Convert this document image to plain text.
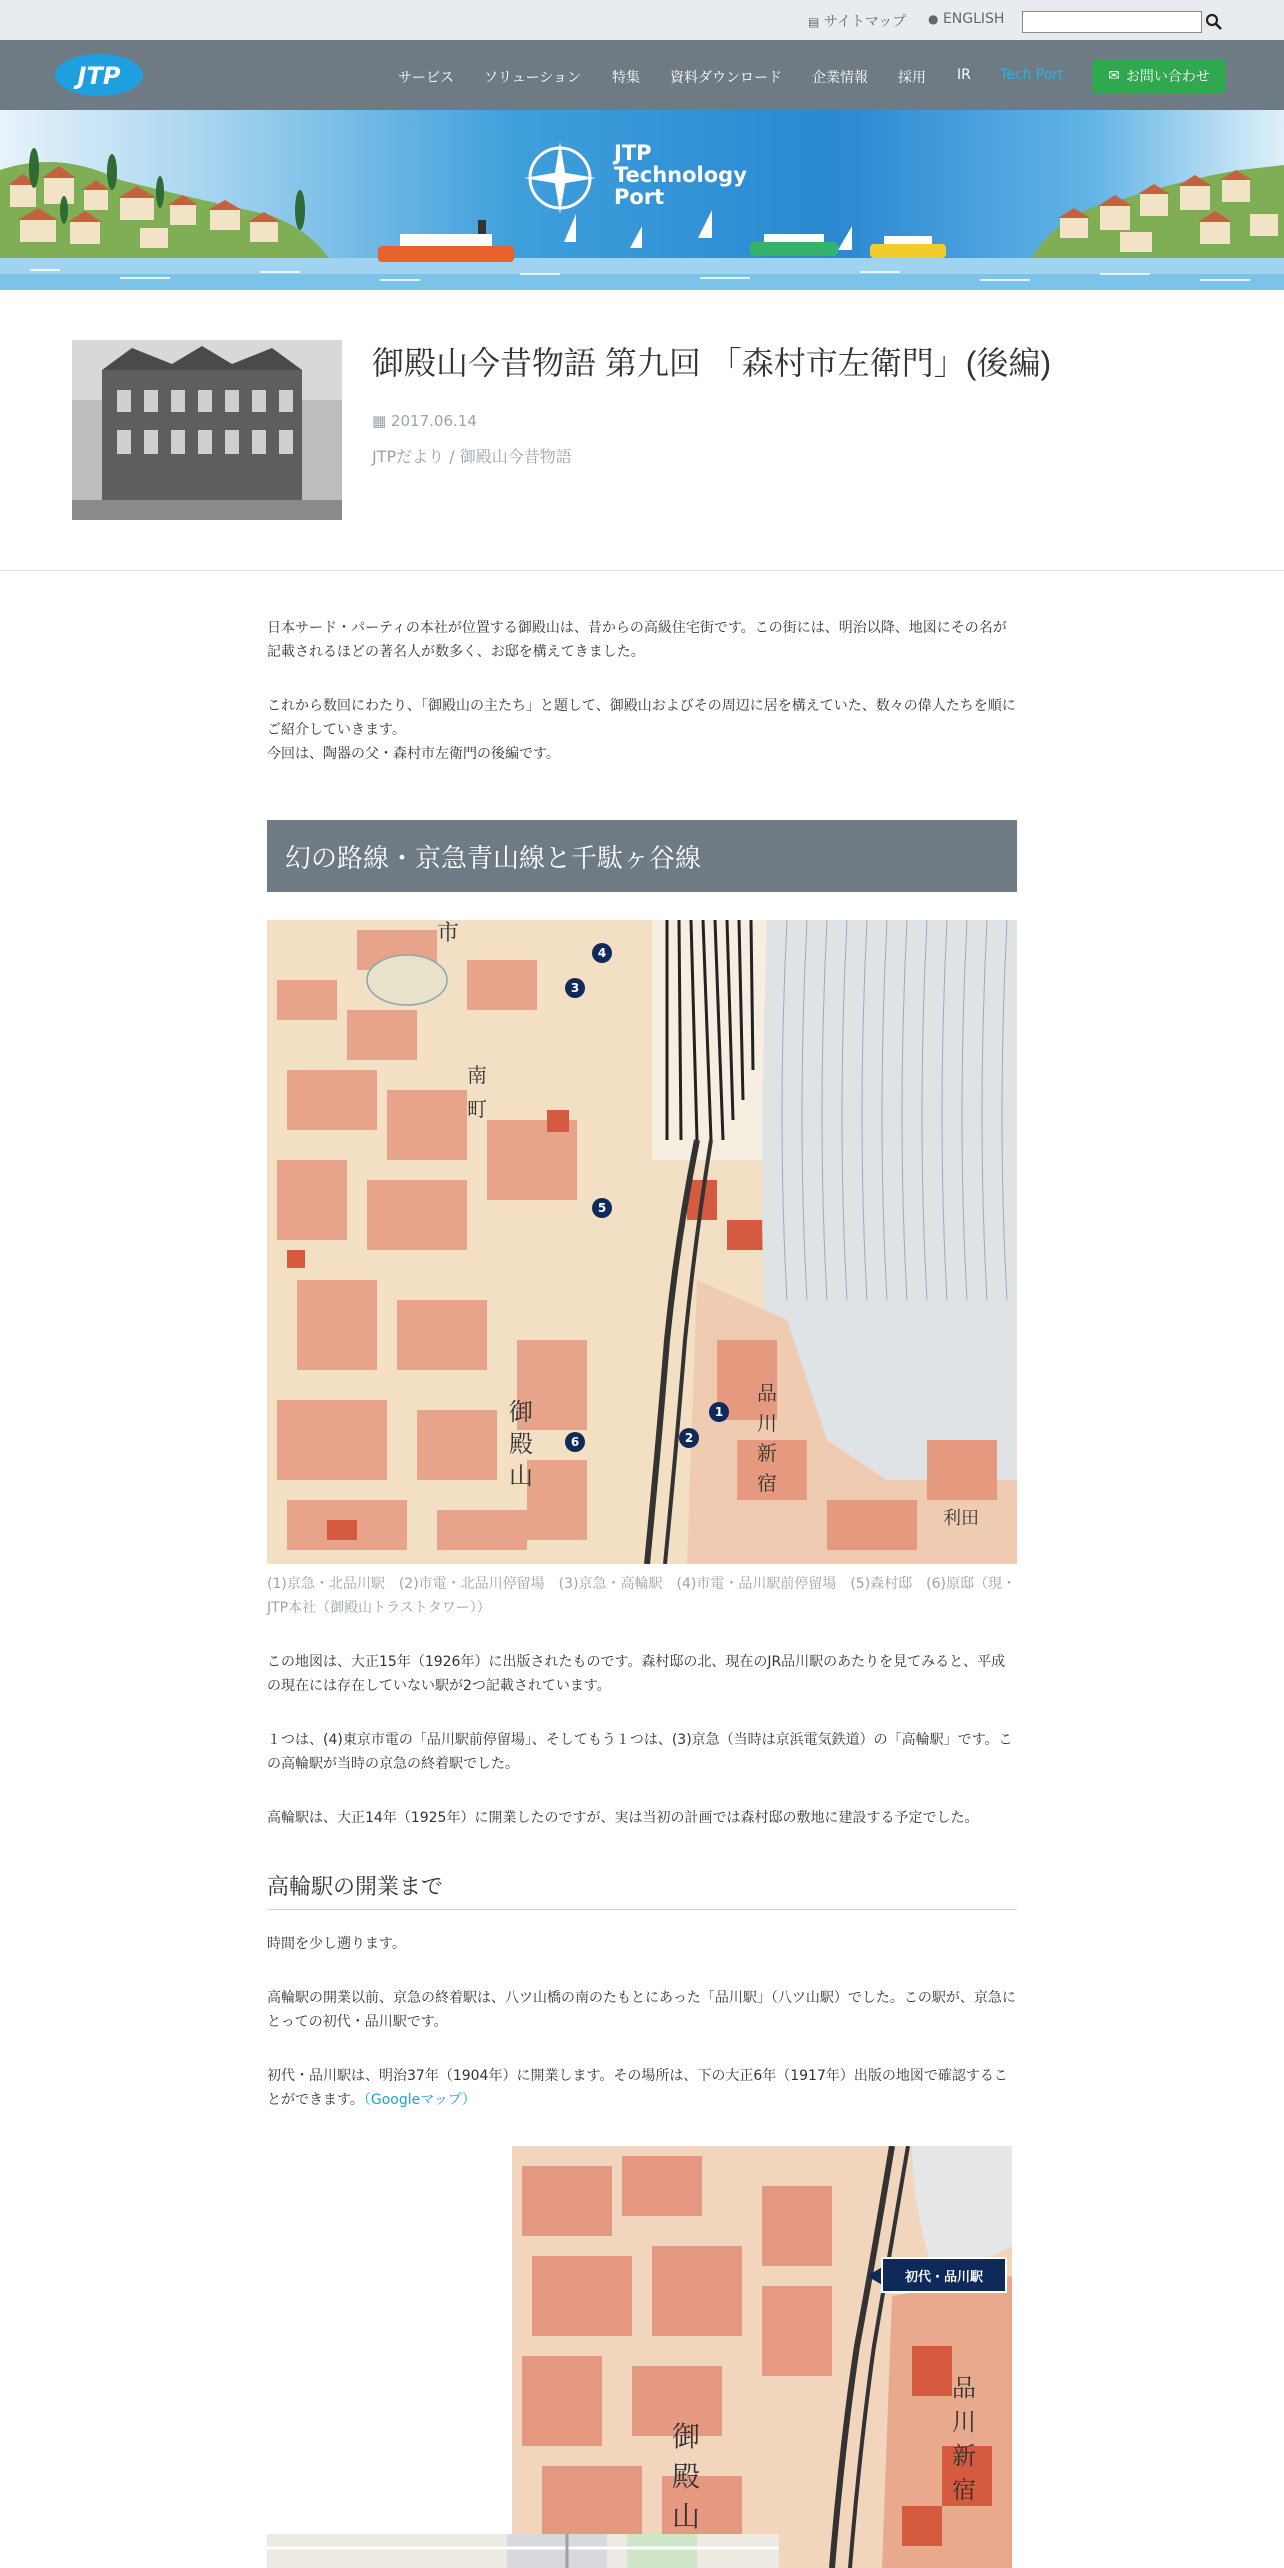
▤ サイトマップ ● ENGLISH
JTP	サービス ソリューション 特集 資料ダウンロード 企業情報 採用 IR Tech Port	✉ お問い合わせ
JTP
Technology
Port
御殿山今昔物語 第九回 「森村市左衛門」(後編)
▦ 2017.06.14
JTPだより / 御殿山今昔物語
日本サード・パーティの本社が位置する御殿山は、昔からの高級住宅街です。この街には、明治以降、地図にその名が記載されるほどの著名人が数多く、お邸を構えてきました。
これから数回にわたり、「御殿山の主たち」と題して、御殿山およびその周辺に居を構えていた、数々の偉人たちを順にご紹介していきます。
今回は、陶器の父・森村市左衛門の後編です。
幻の路線・京急青山線と千駄ヶ谷線
市
南
町
御
殿
山
品
川
新
宿
利田
4
3
5
1
2
6
(1)京急・北品川駅　(2)市電・北品川停留場　(3)京急・高輪駅　(4)市電・品川駅前停留場　(5)森村邸　(6)原邸（現・JTP本社（御殿山トラストタワー））
この地図は、大正15年（1926年）に出版されたものです。森村邸の北、現在のJR品川駅のあたりを見てみると、平成の現在には存在していない駅が2つ記載されています。
１つは、(4)東京市電の「品川駅前停留場」、そしてもう１つは、(3)京急（当時は京浜電気鉄道）の「高輪駅」です。この高輪駅が当時の京急の終着駅でした。
高輪駅は、大正14年（1925年）に開業したのですが、実は当初の計画では森村邸の敷地に建設する予定でした。
高輪駅の開業まで
時間を少し遡ります。
高輪駅の開業以前、京急の終着駅は、八ツ山橋の南のたもとにあった「品川駅」（八ツ山駅）でした。この駅が、京急にとっての初代・品川駅です。
初代・品川駅は、明治37年（1904年）に開業します。その場所は、下の大正6年（1917年）出版の地図で確認することができます。（Googleマップ）
御
殿
山
品
川
新
宿
初代・品川駅
